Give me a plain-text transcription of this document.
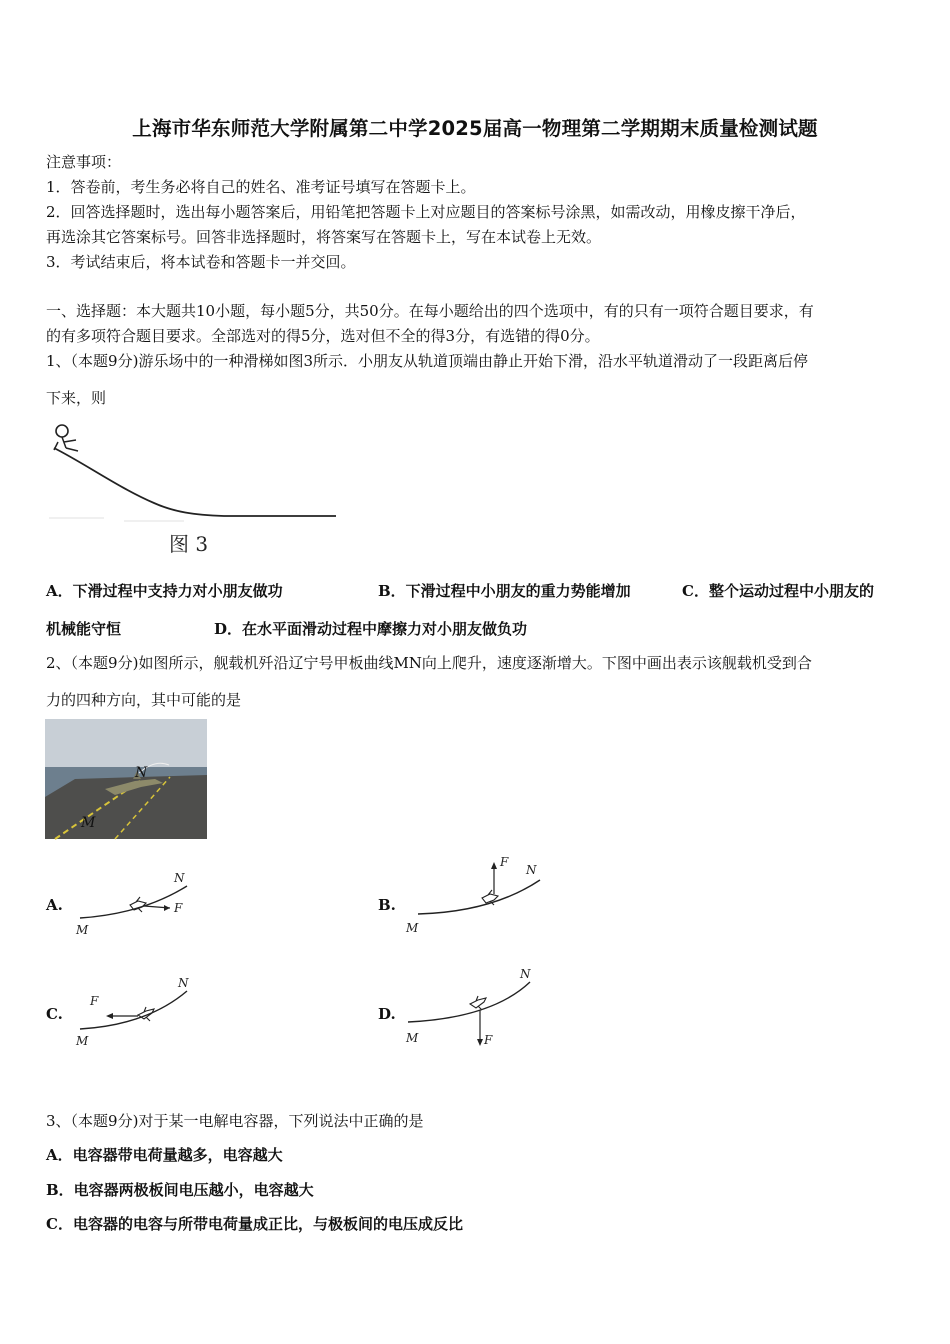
上海市华东师范大学附属第二中学2025届高一物理第二学期期末质量检测试题
注意事项：
1．答卷前，考生务必将自己的姓名、准考证号填写在答题卡上。
2．回答选择题时，选出每小题答案后，用铅笔把答题卡上对应题目的答案标号涂黑，如需改动，用橡皮擦干净后，
再选涂其它答案标号。回答非选择题时，将答案写在答题卡上，写在本试卷上无效。
3．考试结束后，将本试卷和答题卡一并交回。
一、选择题：本大题共10小题，每小题5分，共50分。在每小题给出的四个选项中，有的只有一项符合题目要求，有
的有多项符合题目要求。全部选对的得5分，选对但不全的得3分，有选错的得0分。
1、（本题9分)游乐场中的一种滑梯如图3所示．小朋友从轨道顶端由静止开始下滑，沿水平轨道滑动了一段距离后停
下来，则
图 3
A．下滑过程中支持力对小朋友做功	B．下滑过程中小朋友的重力势能增加	C．整个运动过程中小朋友的
机械能守恒	D．在水平面滑动过程中摩擦力对小朋友做负功
2、（本题9分)如图所示，舰载机歼沿辽宁号甲板曲线MN向上爬升，速度逐渐增大。下图中画出表示该舰载机受到合
力的四种方向，其中可能的是
N
M
A.	F
N
M
B.
F
N
M
C.
F
N
M
D.
F
N
M
3、（本题9分)对于某一电解电容器，下列说法中正确的是
A．电容器带电荷量越多，电容越大
B．电容器两极板间电压越小，电容越大
C．电容器的电容与所带电荷量成正比，与极板间的电压成反比
